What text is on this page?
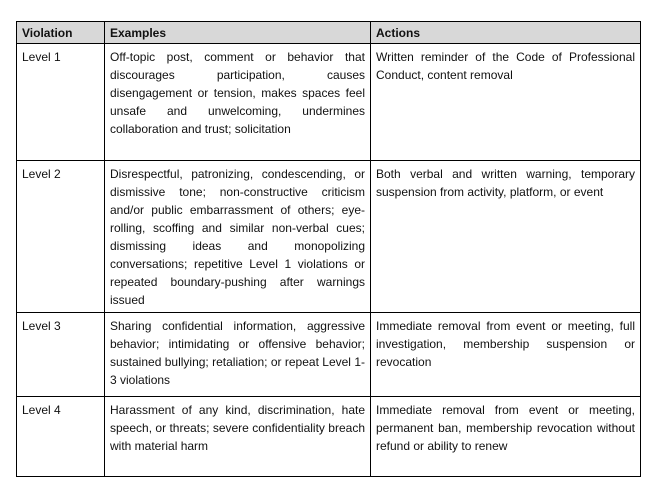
Violation	Examples	Actions
Level 1	Off-topic post, comment or behavior that discourages participation, causes disengagement or tension, makes spaces feel unsafe and unwelcoming, undermines collaboration and trust; solicitation	Written reminder of the Code of Professional Conduct, content removal
Level 2	Disrespectful, patronizing, condescending, or dismissive tone; non-constructive criticism and/or public embarrassment of others; eye-rolling, scoffing and similar non-verbal cues; dismissing ideas and monopolizing conversations; repetitive Level 1 violations or repeated boundary-pushing after warnings issued	Both verbal and written warning, temporary suspension from activity, platform, or event
Level 3	Sharing confidential information, aggressive behavior; intimidating or offensive behavior; sustained bullying; retaliation; or repeat Level 1-3 violations	Immediate removal from event or meeting, full investigation, membership suspension or revocation
Level 4	Harassment of any kind, discrimination, hate speech, or threats; severe confidentiality breach with material harm	Immediate removal from event or meeting, permanent ban, membership revocation without refund or ability to renew
